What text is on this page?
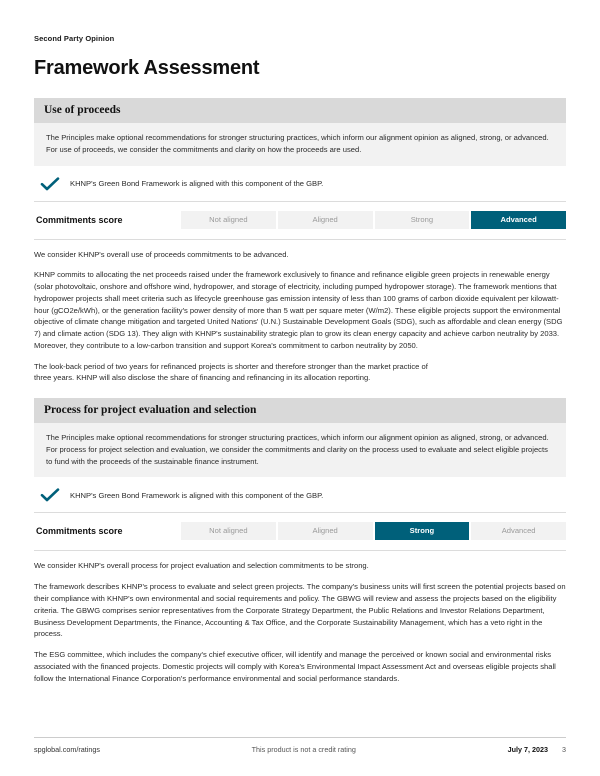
Second Party Opinion
Framework Assessment
Use of proceeds
The Principles make optional recommendations for stronger structuring practices, which inform our alignment opinion as aligned, strong, or advanced. For use of proceeds, we consider the commitments and clarity on how the proceeds are used.
KHNP's Green Bond Framework is aligned with this component of the GBP.
Commitments score	Not aligned	Aligned	Strong	Advanced

We consider KHNP's overall use of proceeds commitments to be advanced.

KHNP commits to allocating the net proceeds raised under the framework exclusively to finance and refinance eligible green projects in renewable energy (solar photovoltaic, onshore and offshore wind, hydropower, and storage of electricity, including pumped hydropower storage). The framework mentions that hydropower projects shall meet criteria such as lifecycle greenhouse gas emission intensity of less than 100 grams of carbon dioxide equivalent per kilowatt-hour (gCO2e/kWh), or the generation facility's power density of more than 5 watt per square meter (W/m2). These eligible projects support the environmental objective of climate change mitigation and targeted United Nations' (U.N.) Sustainable Development Goals (SDG), such as affordable and clean energy (SDG 7) and climate action (SDG 13). They align with KHNP's sustainability strategic plan to grow its clean energy capacity and achieve carbon neutrality by 2033. Moreover, they contribute to a low-carbon transition and support Korea's commitment to carbon neutrality by 2050.

The look-back period of two years for refinanced projects is shorter and therefore stronger than the market practice of three years. KHNP will also disclose the share of financing and refinancing in its allocation reporting.

Process for project evaluation and selection
The Principles make optional recommendations for stronger structuring practices, which inform our alignment opinion as aligned, strong, or advanced. For process for project selection and evaluation, we consider the commitments and clarity on the process used to evaluate and select eligible projects to fund with the proceeds of the sustainable finance instrument.
KHNP's Green Bond Framework is aligned with this component of the GBP.
Commitments score	Not aligned	Aligned	Strong	Advanced

We consider KHNP's overall process for project evaluation and selection commitments to be strong.

The framework describes KHNP's process to evaluate and select green projects. The company's business units will first screen the potential projects based on their compliance with KHNP's own environmental and social requirements and policy. The GBWG will review and assess the projects based on the eligibility criteria. The GBWG comprises senior representatives from the Corporate Strategy Department, the Public Relations and Investor Relations Department, Business Development Departments, the Finance, Accounting & Tax Office, and the Corporate Sustainability Management, which has a veto right in the process.

The ESG committee, which includes the company's chief executive officer, will identify and manage the perceived or known social and environmental risks associated with the financed projects. Domestic projects will comply with Korea's Environmental Impact Assessment Act and overseas eligible projects shall follow the International Finance Corporation's performance environmental and social performance standards.

spglobal.com/ratings	This product is not a credit rating	July 7, 2023 3
